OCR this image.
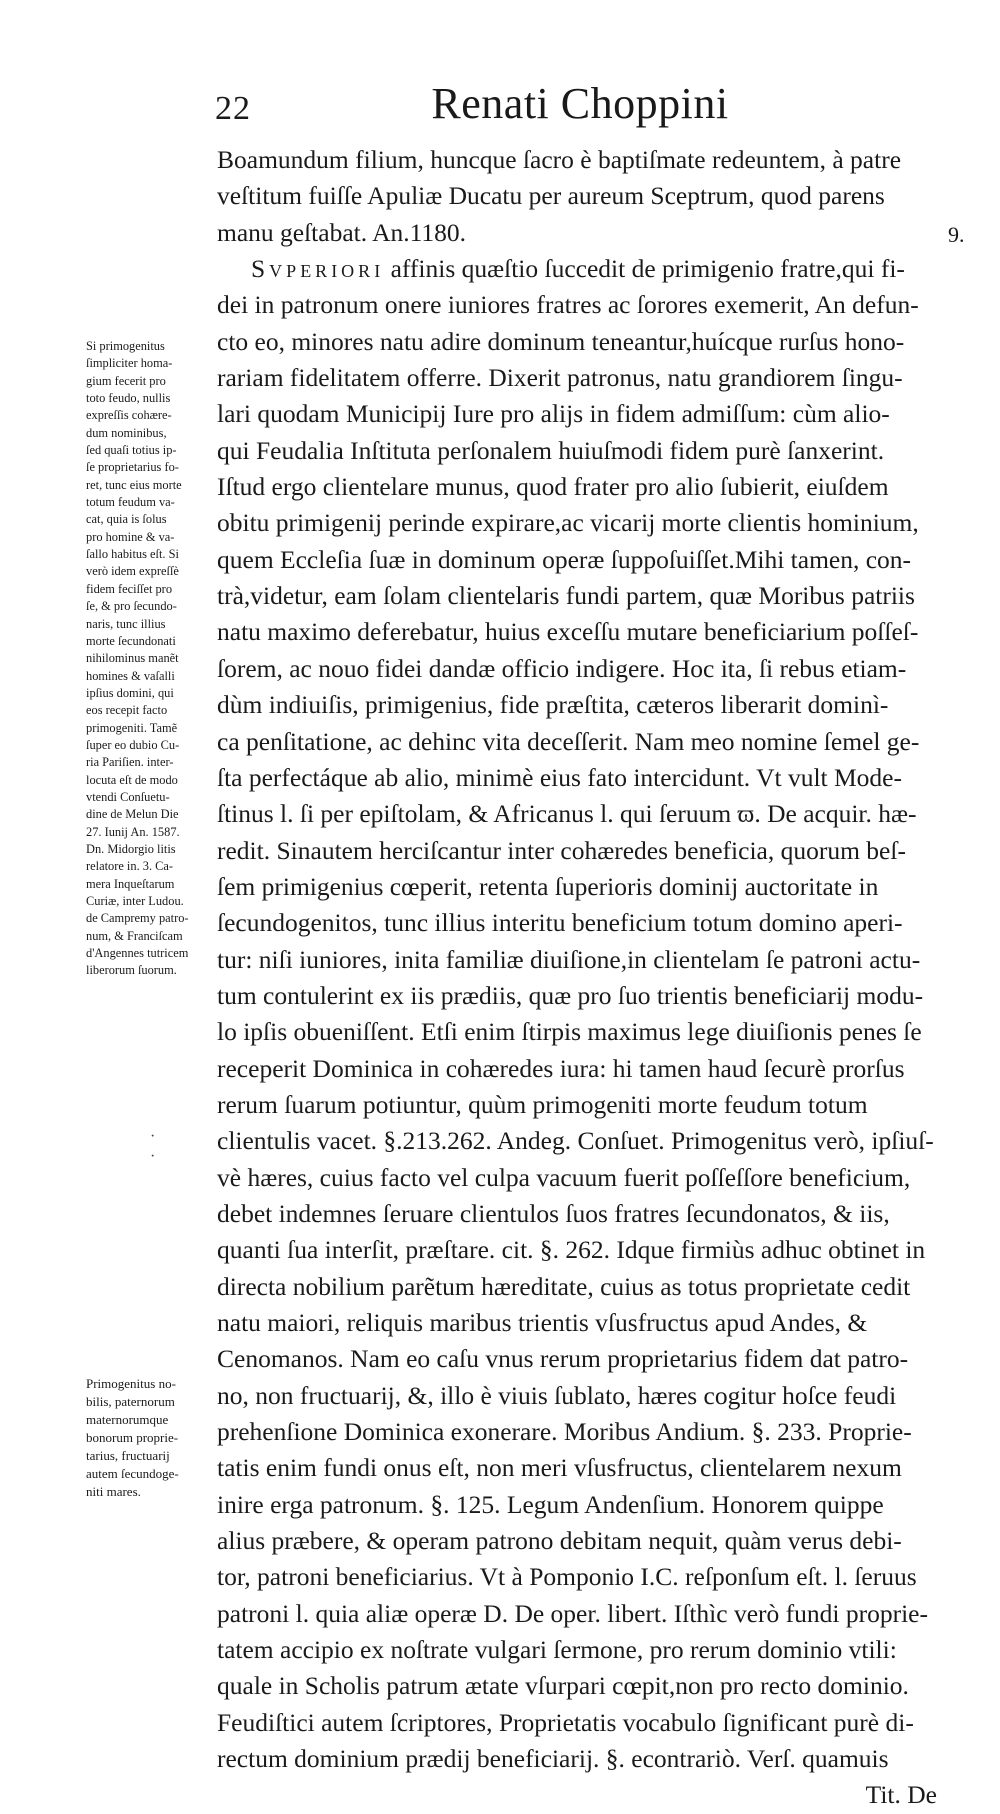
22	Renati Choppini
9.
Boamundum filium, huncque ſacro è baptiſmate redeuntem, à patre
veſtitum fuiſſe Apuliæ Ducatu per aureum Sceptrum, quod parens
manu geſtabat. An.1180.
Svperiori affinis quæſtio ſuccedit de primigenio fratre,qui fi-
dei in patronum onere iuniores fratres ac ſorores exemerit, An defun-
cto eo, minores natu adire dominum teneantur,huícque rurſus hono-
rariam fidelitatem offerre. Dixerit patronus, natu grandiorem ſingu-
lari quodam Municipij Iure pro alijs in fidem admiſſum: cùm alio-
qui Feudalia Inſtituta perſonalem huiuſmodi fidem purè ſanxerint.
Iſtud ergo clientelare munus, quod frater pro alio ſubierit, eiuſdem
obitu primigenij perinde expirare,ac vicarij morte clientis hominium,
quem Eccleſia ſuæ in dominum operæ ſuppoſuiſſet.Mihi tamen, con-
trà,videtur, eam ſolam clientelaris fundi partem, quæ Moribus patriis
natu maximo deferebatur, huius exceſſu mutare beneficiarium poſſeſ-
ſorem, ac nouo fidei dandæ officio indigere. Hoc ita, ſi rebus etiam-
dùm indiuiſis, primigenius, fide præſtita, cæteros liberarit dominì-
ca penſitatione, ac dehinc vita deceſſerit. Nam meo nomine ſemel ge-
ſta perfectáque ab alio, minimè eius fato intercidunt. Vt vult Mode-
ſtinus l. ſi per epiſtolam, & Africanus l. qui ſeruum ϖ. De acquir. hæ-
redit. Sinautem herciſcantur inter cohæredes beneficia, quorum beſ-
ſem primigenius cœperit, retenta ſuperioris dominij auctoritate in
ſecundogenitos, tunc illius interitu beneficium totum domino aperi-
tur: niſi iuniores, inita familiæ diuiſione,in clientelam ſe patroni actu-
tum contulerint ex iis prædiis, quæ pro ſuo trientis beneficiarij modu-
lo ipſis obueniſſent. Etſi enim ſtirpis maximus lege diuiſionis penes ſe
receperit Dominica in cohæredes iura: hi tamen haud ſecurè prorſus
rerum ſuarum potiuntur, quùm primogeniti morte feudum totum
clientulis vacet. §.213.262. Andeg. Conſuet. Primogenitus verò, ipſiuſ-
vè hæres, cuius facto vel culpa vacuum fuerit poſſeſſore beneficium,
debet indemnes ſeruare clientulos ſuos fratres ſecundonatos, & iis,
quanti ſua interſit, præſtare. cit. §. 262. Idque firmiùs adhuc obtinet in
directa nobilium parẽtum hæreditate, cuius as totus proprietate cedit
natu maiori, reliquis maribus trientis vſusfructus apud Andes, &
Cenomanos. Nam eo caſu vnus rerum proprietarius fidem dat patro-
no, non fructuarij, &, illo è viuis ſublato, hæres cogitur hoſce feudi
prehenſione Dominica exonerare. Moribus Andium. §. 233. Proprie-
tatis enim fundi onus eſt, non meri vſusfructus, clientelarem nexum
inire erga patronum. §. 125. Legum Andenſium. Honorem quippe
alius præbere, & operam patrono debitam nequit, quàm verus debi-
tor, patroni beneficiarius. Vt à Pomponio I.C. reſponſum eſt. l. ſeruus
patroni l. quia aliæ operæ D. De oper. libert. Iſthìc verò fundi proprie-
tatem accipio ex noſtrate vulgari ſermone, pro rerum dominio vtili:
quale in Scholis patrum ætate vſurpari cœpit,non pro recto dominio.
Feudiſtici autem ſcriptores, Proprietatis vocabulo ſignificant purè di-
rectum dominium prædij beneficiarij. §. econtrariò. Verſ. quamuis
Tit. De
Si primogenitus
ſimpliciter homa-
gium fecerit pro
toto feudo, nullis
expreſſis cohære-
dum nominibus,
ſed quaſi totius ip-
ſe proprietarius fo-
ret, tunc eius morte
totum feudum va-
cat, quia is ſolus
pro homine & va-
ſallo habitus eſt. Si
verò idem expreſſè
fidem feciſſet pro
ſe, & pro ſecundo-
naris, tunc illius
morte ſecundonati
nihilominus manẽt
homines & vaſalli
ipſius domini, qui
eos recepit facto
primogeniti. Tamẽ
ſuper eo dubio Cu-
ria Pariſien. inter-
locuta eſt de modo
vtendi Conſuetu-
dine de Melun Die
27. Iunij An. 1587.
Dn. Midorgio litis
relatore in. 3. Ca-
mera Inqueſtarum
Curiæ, inter Ludou.
de Campremy patro-
num, & Franciſcam
d'Angennes tutricem
liberorum ſuorum.
Primogenitus no-
bilis, paternorum
maternorumque
bonorum proprie-
tarius, fructuarij
autem ſecundoge-
niti mares.
·
·
